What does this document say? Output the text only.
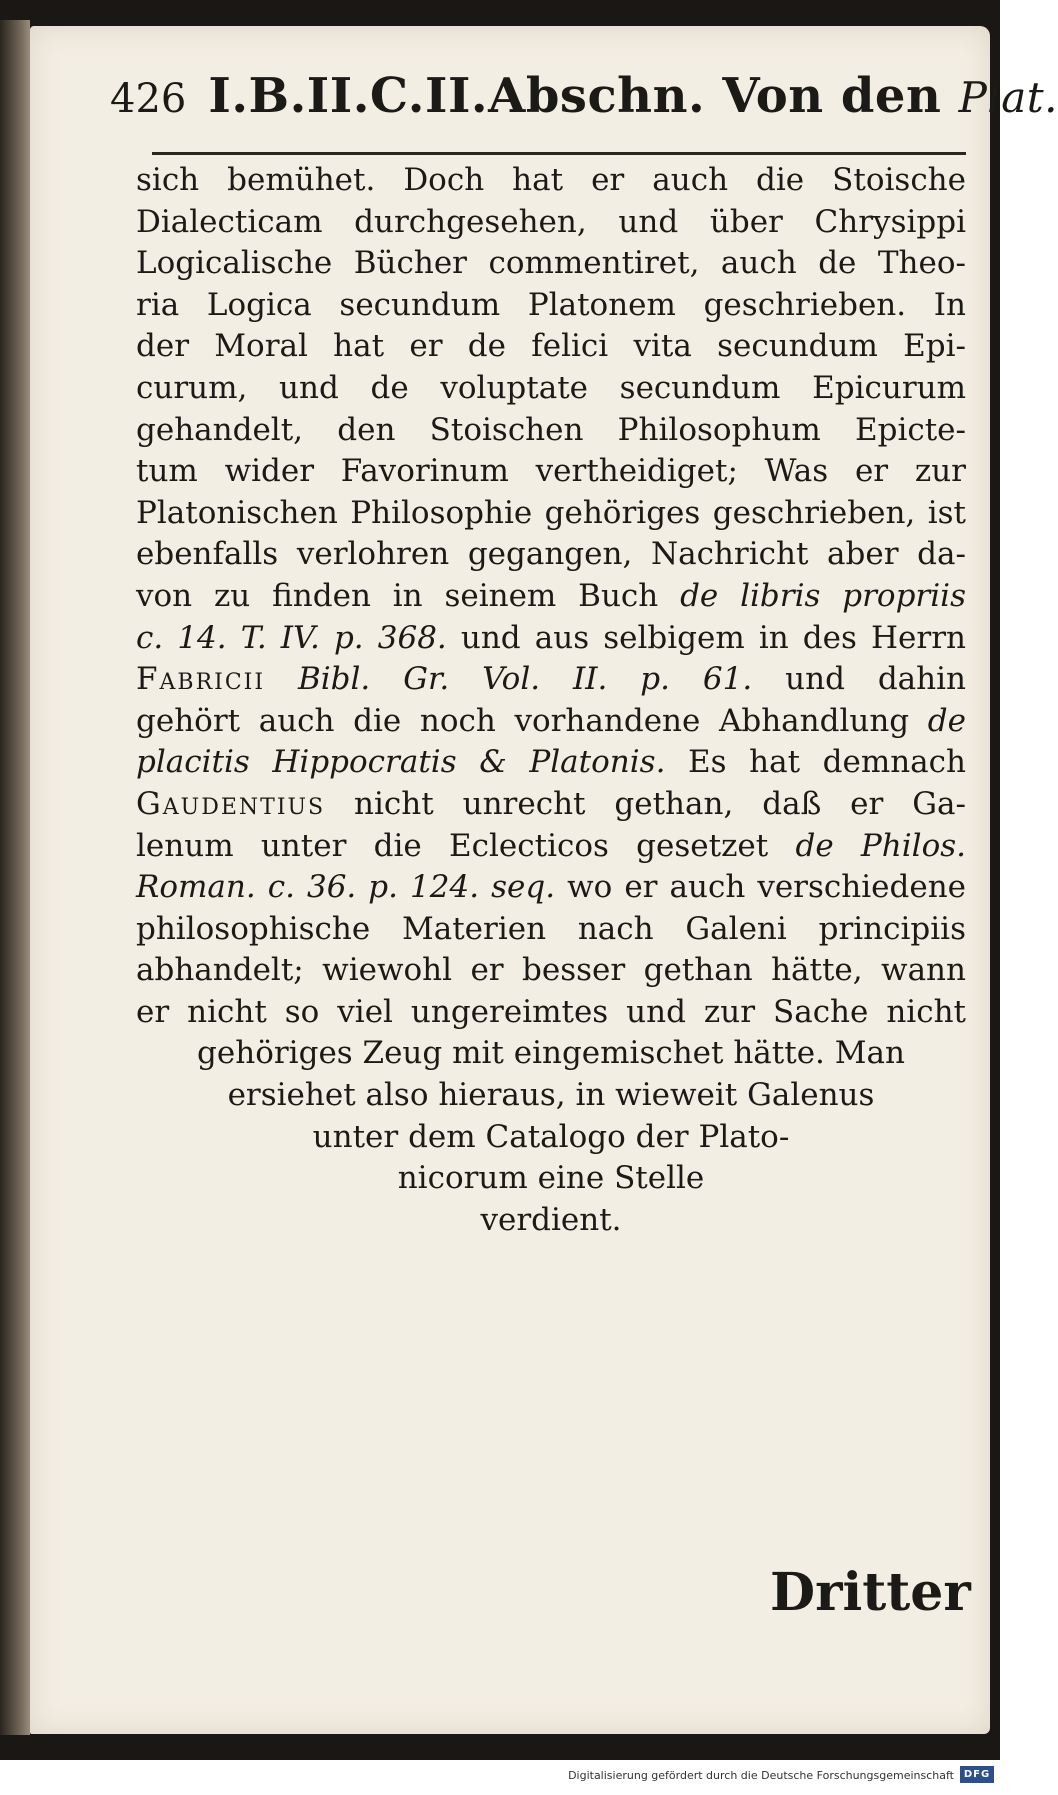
426 I.B.II.C.II.Abschn. Von den Plat.
sich bemühet. Doch hat er auch die Stoische
Dialecticam durchgesehen, und über Chrysippi
Logicalische Bücher commentiret, auch de Theo-
ria Logica secundum Platonem geschrieben. In
der Moral hat er de felici vita secundum Epi-
curum, und de voluptate secundum Epicurum
gehandelt, den Stoischen Philosophum Epicte-
tum wider Favorinum vertheidiget; Was er zur
Platonischen Philosophie gehöriges geschrieben, ist
ebenfalls verlohren gegangen, Nachricht aber da-
von zu finden in seinem Buch de libris propriis
c. 14. T. IV. p. 368. und aus selbigem in des Herrn
Fabricii Bibl. Gr. Vol. II. p. 61. und dahin
gehört auch die noch vorhandene Abhandlung de
placitis Hippocratis & Platonis. Es hat demnach
Gaudentius nicht unrecht gethan, daß er Ga-
lenum unter die Eclecticos gesetzet de Philos.
Roman. c. 36. p. 124. seq. wo er auch verschiedene
philosophische Materien nach Galeni principiis
abhandelt; wiewohl er besser gethan hätte, wann
er nicht so viel ungereimtes und zur Sache nicht
gehöriges Zeug mit eingemischet hätte. Man
ersiehet also hieraus, in wieweit Galenus
unter dem Catalogo der Plato-
nicorum eine Stelle
verdient.
Dritter
Digitalisierung gefördert durch die Deutsche Forschungsgemeinschaft DFG
